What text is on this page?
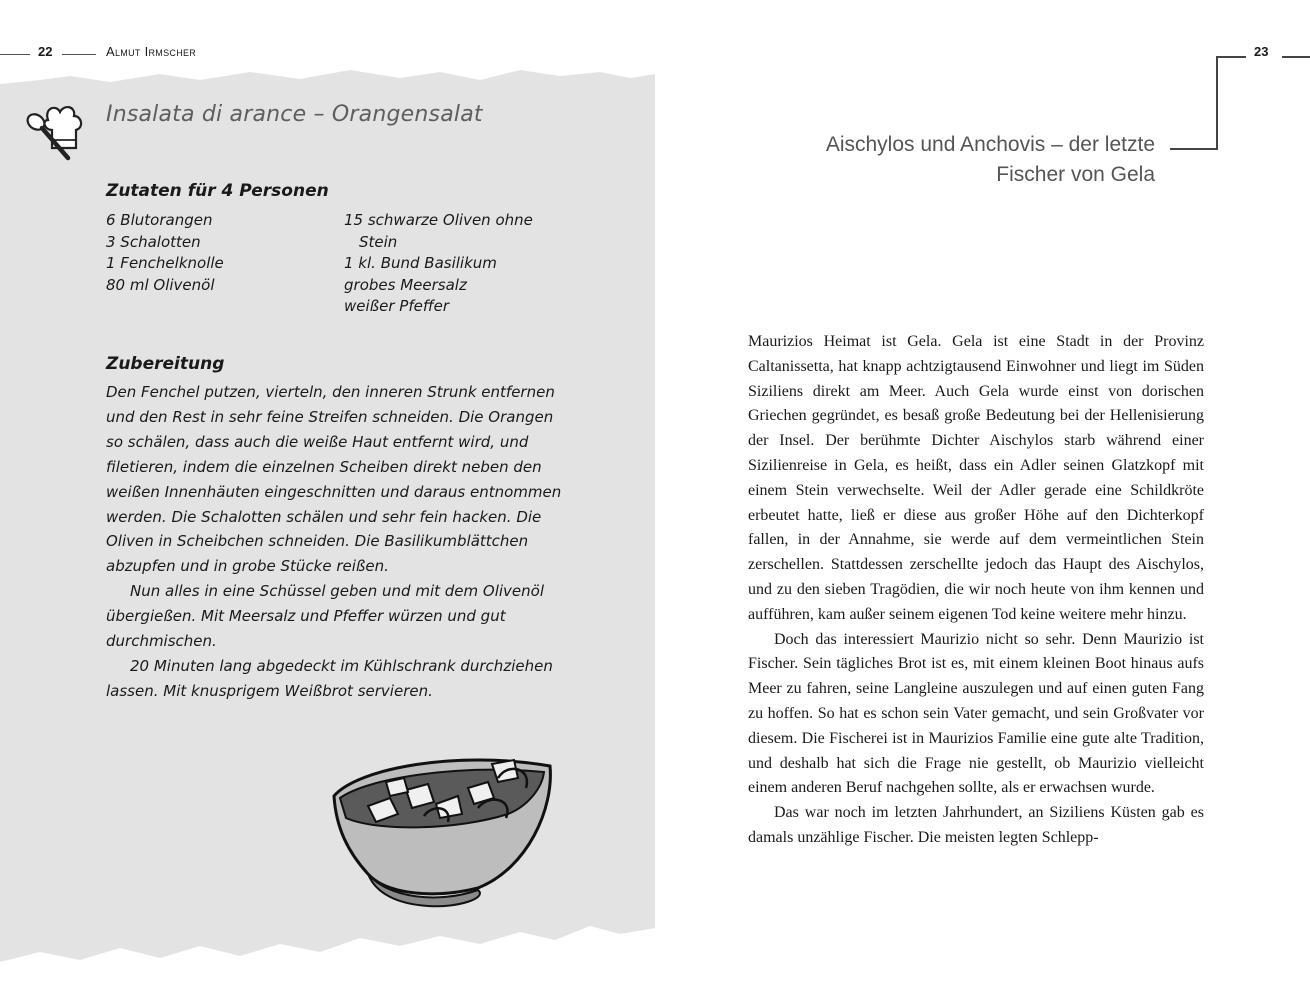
22	Almut Irmscher
Insalata di arance – Orangensalat
Zutaten für 4 Personen
6 Blutorangen
3 Schalotten
1 Fenchelknolle
80 ml Olivenöl
15 schwarze Oliven ohne
Stein
1 kl. Bund Basilikum
grobes Meersalz
weißer Pfeffer
Zubereitung

Den Fenchel putzen, vierteln, den inneren Strunk entfernen und den Rest in sehr feine Streifen schneiden. Die Orangen so schälen, dass auch die weiße Haut entfernt wird, und filetieren, indem die einzelnen Scheiben direkt neben den weißen Innenhäuten eingeschnitten und daraus entnommen werden. Die Schalotten schälen und sehr fein hacken. Die Oliven in Scheibchen schneiden. Die Basilikumblättchen abzupfen und in grobe Stücke reißen.

Nun alles in eine Schüssel geben und mit dem Olivenöl übergießen. Mit Meersalz und Pfeffer würzen und gut durchmischen.

20 Minuten lang abgedeckt im Kühlschrank durchziehen lassen. Mit knusprigem Weißbrot servieren.

23
Aischylos und Anchovis – der letzte
Fischer von Gela

Maurizios Heimat ist Gela. Gela ist eine Stadt in der Provinz Caltanissetta, hat knapp achtzigtausend Einwohner und liegt im Süden Siziliens direkt am Meer. Auch Gela wurde einst von dorischen Griechen gegründet, es besaß große Bedeutung bei der Hellenisierung der Insel. Der berühmte Dichter Aischylos starb während einer Sizilienreise in Gela, es heißt, dass ein Adler seinen Glatzkopf mit einem Stein verwechselte. Weil der Adler gerade eine Schildkröte erbeutet hatte, ließ er diese aus großer Höhe auf den Dichterkopf fallen, in der Annahme, sie werde auf dem vermeintlichen Stein zerschellen. Stattdessen zerschellte jedoch das Haupt des Aischylos, und zu den sieben Tragödien, die wir noch heute von ihm kennen und aufführen, kam außer seinem eigenen Tod keine weitere mehr hinzu.

Doch das interessiert Maurizio nicht so sehr. Denn Maurizio ist Fischer. Sein tägliches Brot ist es, mit einem kleinen Boot hinaus aufs Meer zu fahren, seine Langleine auszulegen und auf einen guten Fang zu hoffen. So hat es schon sein Vater gemacht, und sein Großvater vor diesem. Die Fischerei ist in Maurizios Familie eine gute alte Tradition, und deshalb hat sich die Frage nie gestellt, ob Maurizio vielleicht einem anderen Beruf nachgehen sollte, als er erwachsen wurde.

Das war noch im letzten Jahrhundert, an Siziliens Küsten gab es damals unzählige Fischer. Die meisten legten Schlepp-
